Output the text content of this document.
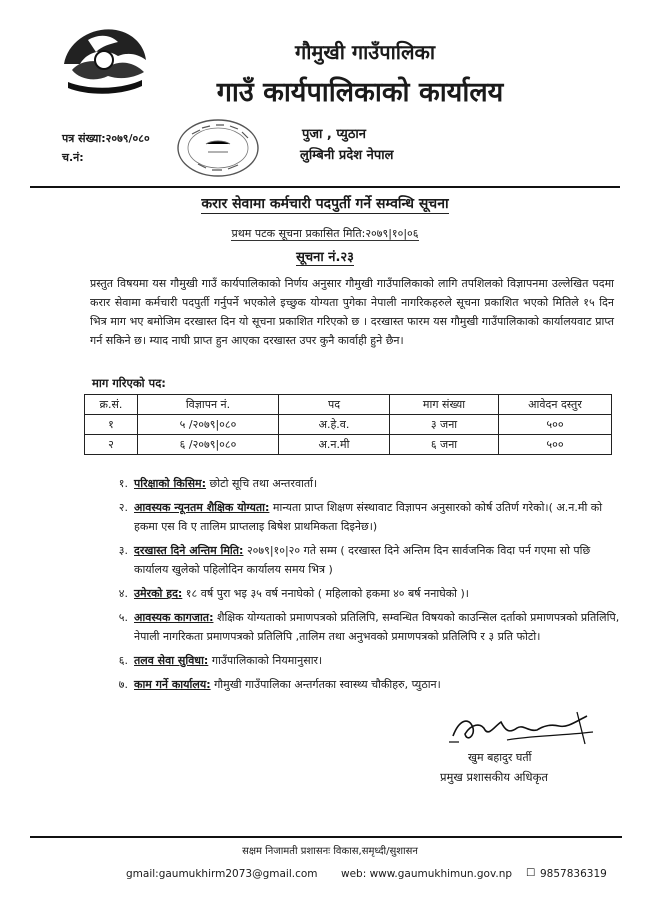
गौमुखी गाउँपालिका
गाउँ कार्यपालिकाको कार्यालय
पत्र संख्या:२०७९/०८०
च.नं:
पुजा , प्युठान
लुम्बिनी प्रदेश नेपाल
करार सेवामा कर्मचारी पदपुर्ती गर्ने सम्वन्धि सूचना
प्रथम पटक सूचना प्रकासित मिति:२०७९|१०|०६
सूचना नं.२३
प्रस्तुत विषयमा यस गौमुखी गाउँ कार्यपालिकाको निर्णय अनुसार गौमुखी गाउँपालिकाको लागि तपशिलको विज्ञापनमा उल्लेखित पदमा करार सेवामा कर्मचारी पदपुर्ती गर्नुपर्ने भएकोले इच्छुक योग्यता पुगेका नेपाली नागरिकहरुले सूचना प्रकाशित भएको मितिले १५ दिन भित्र माग भए बमोजिम दरखास्त दिन यो सूचना प्रकाशित गरिएको छ । दरखास्त फारम यस गौमुखी गाउँपालिकाको कार्यालयवाट प्राप्त गर्न सकिने छ। म्याद नाघी प्राप्त हुन आएका दरखास्त उपर कुनै कार्वाही हुने छैन।
माग गरिएको पद:
क्र.सं.	विज्ञापन नं.	पद	माग संख्या	आवेदन दस्तुर
१	५ /२०७९|०८०	अ.हे.व.	३ जना	५००
२	६ /२०७९|०८०	अ.न.मी	६ जना	५००
१. परिक्षाको किसिम: छोटो सूचि तथा अन्तरवार्ता।
२. आवस्यक न्यूनतम शैक्षिक योग्यता: मान्यता प्राप्त शिक्षण संस्थावाट विज्ञापन अनुसारको कोर्ष उतिर्ण गरेको।( अ.न.मी को हकमा एस वि ए तालिम प्राप्तलाइ बिषेश प्राथमिकता दिइनेछ।)
३. दरखास्त दिने अन्तिम मिति: २०७९|१०|२० गते सम्म ( दरखास्त दिने अन्तिम दिन सार्वजनिक विदा पर्न गएमा सो पछि कार्यालय खुलेको पहिलोदिन कार्यालय समय भित्र )
४. उमेरको हद: १८ वर्ष पुरा भइ ३५ वर्ष ननाघेको ( महिलाको हकमा ४० बर्ष ननाघेको )।
५. आवस्यक कागजात: शैक्षिक योग्यताको प्रमाणपत्रको प्रतिलिपि, सम्वन्धित विषयको काउन्सिल दर्ताको प्रमाणपत्रको प्रतिलिपि, नेपाली नागरिकता प्रमाणपत्रको प्रतिलिपि ,तालिम तथा अनुभवको प्रमाणपत्रको प्रतिलिपि र ३ प्रति फोटो।
६. तलव सेवा सुविधा: गाउँपालिकाको नियमानुसार।
७. काम गर्ने कार्यालय: गौमुखी गाउँपालिका अन्तर्गतका स्वास्थ्य चौकीहरु, प्युठान।
खुम बहादुर घर्ती
प्रमुख प्रशासकीय अधिकृत
सक्षम निजामती प्रशासनः विकास,समृध्दी/सुशासन
gmail:gaumukhirm2073@gmail.com web: www.gaumukhimun.gov.np ☐ 9857836319
